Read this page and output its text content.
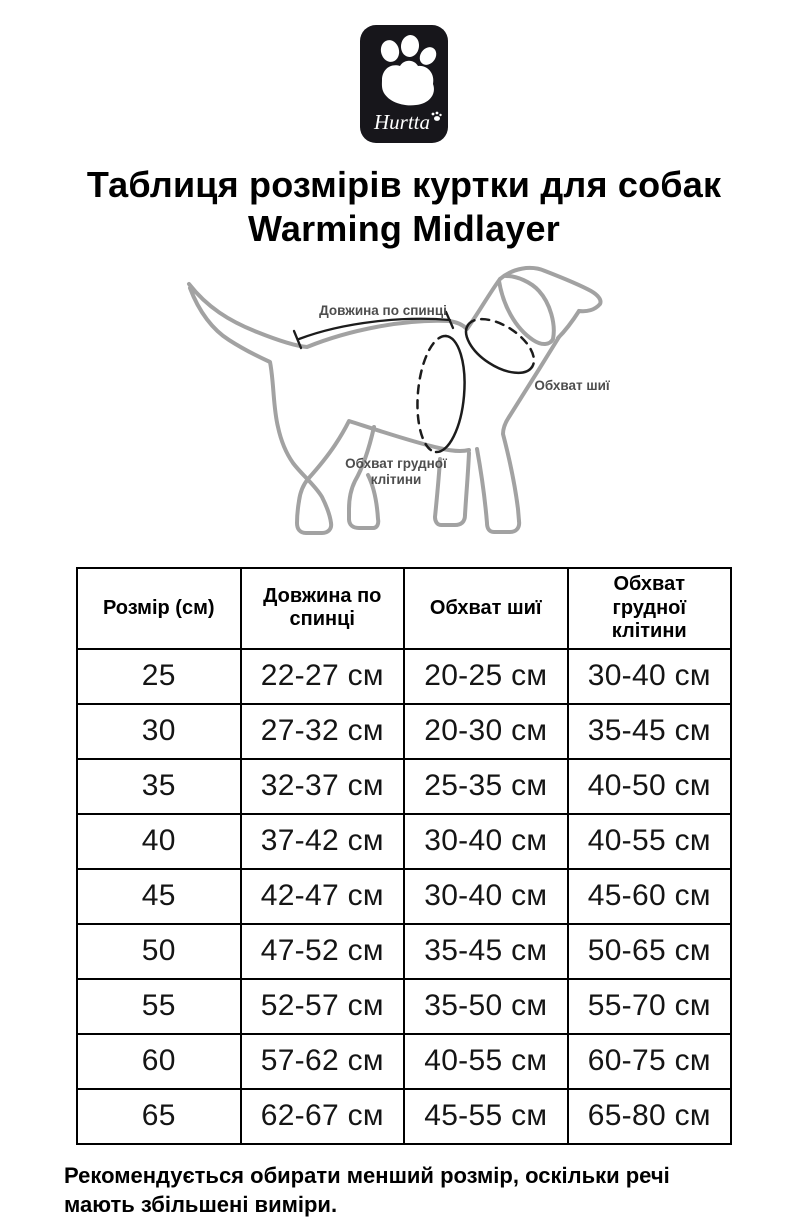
Hurtta
Таблиця розмірів куртки для собак
Warming Midlayer
Довжина по спинці
Обхват шиї
Обхват грудної
клітини
Розмір (см)	Довжина по спинці	Обхват шиї	Обхват грудної клітини
25	22-27 см	20-25 см	30-40 см
30	27-32 см	20-30 см	35-45 см
35	32-37 см	25-35 см	40-50 см
40	37-42 см	30-40 см	40-55 см
45	42-47 см	30-40 см	45-60 см
50	47-52 см	35-45 см	50-65 см
55	52-57 см	35-50 см	55-70 см
60	57-62 см	40-55 см	60-75 см
65	62-67 см	45-55 см	65-80 см

Рекомендується обирати менший розмір, оскільки речі мають збільшені виміри.
